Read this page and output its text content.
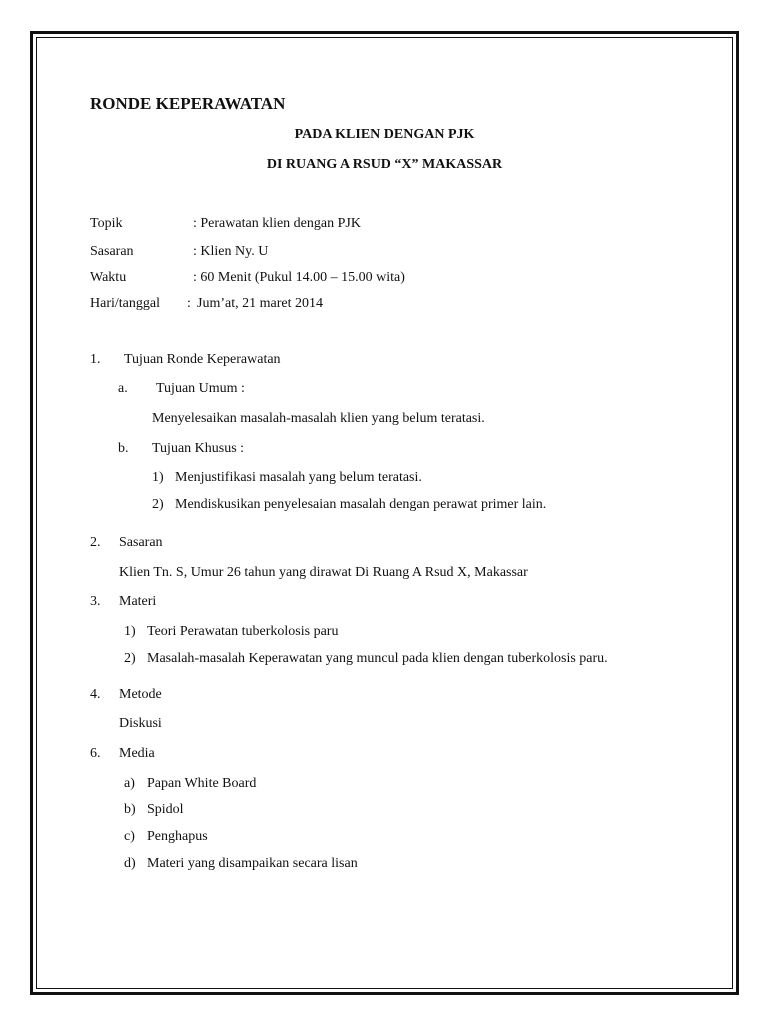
RONDE KEPERAWATAN
PADA KLIEN DENGAN PJK
DI RUANG A RSUD “X” MAKASSAR
Topik	: Perawatan klien dengan PJK
Sasaran	: Klien Ny. U
Waktu	: 60 Menit (Pukul 14.00 – 15.00 wita)
Hari/tanggal : Jum’at, 21 maret 2014
1. Tujuan Ronde Keperawatan
a. Tujuan Umum :
Menyelesaikan masalah-masalah klien yang belum teratasi.
b. Tujuan Khusus :
1) Menjustifikasi masalah yang belum teratasi.
2) Mendiskusikan penyelesaian masalah dengan perawat primer lain.
2. Sasaran
Klien Tn. S, Umur 26 tahun yang dirawat Di Ruang A Rsud X, Makassar
3. Materi
1) Teori Perawatan tuberkolosis paru
2) Masalah-masalah Keperawatan yang muncul pada klien dengan tuberkolosis paru.
4. Metode
Diskusi
6. Media
a) Papan White Board
b) Spidol
c) Penghapus
d) Materi yang disampaikan secara lisan
